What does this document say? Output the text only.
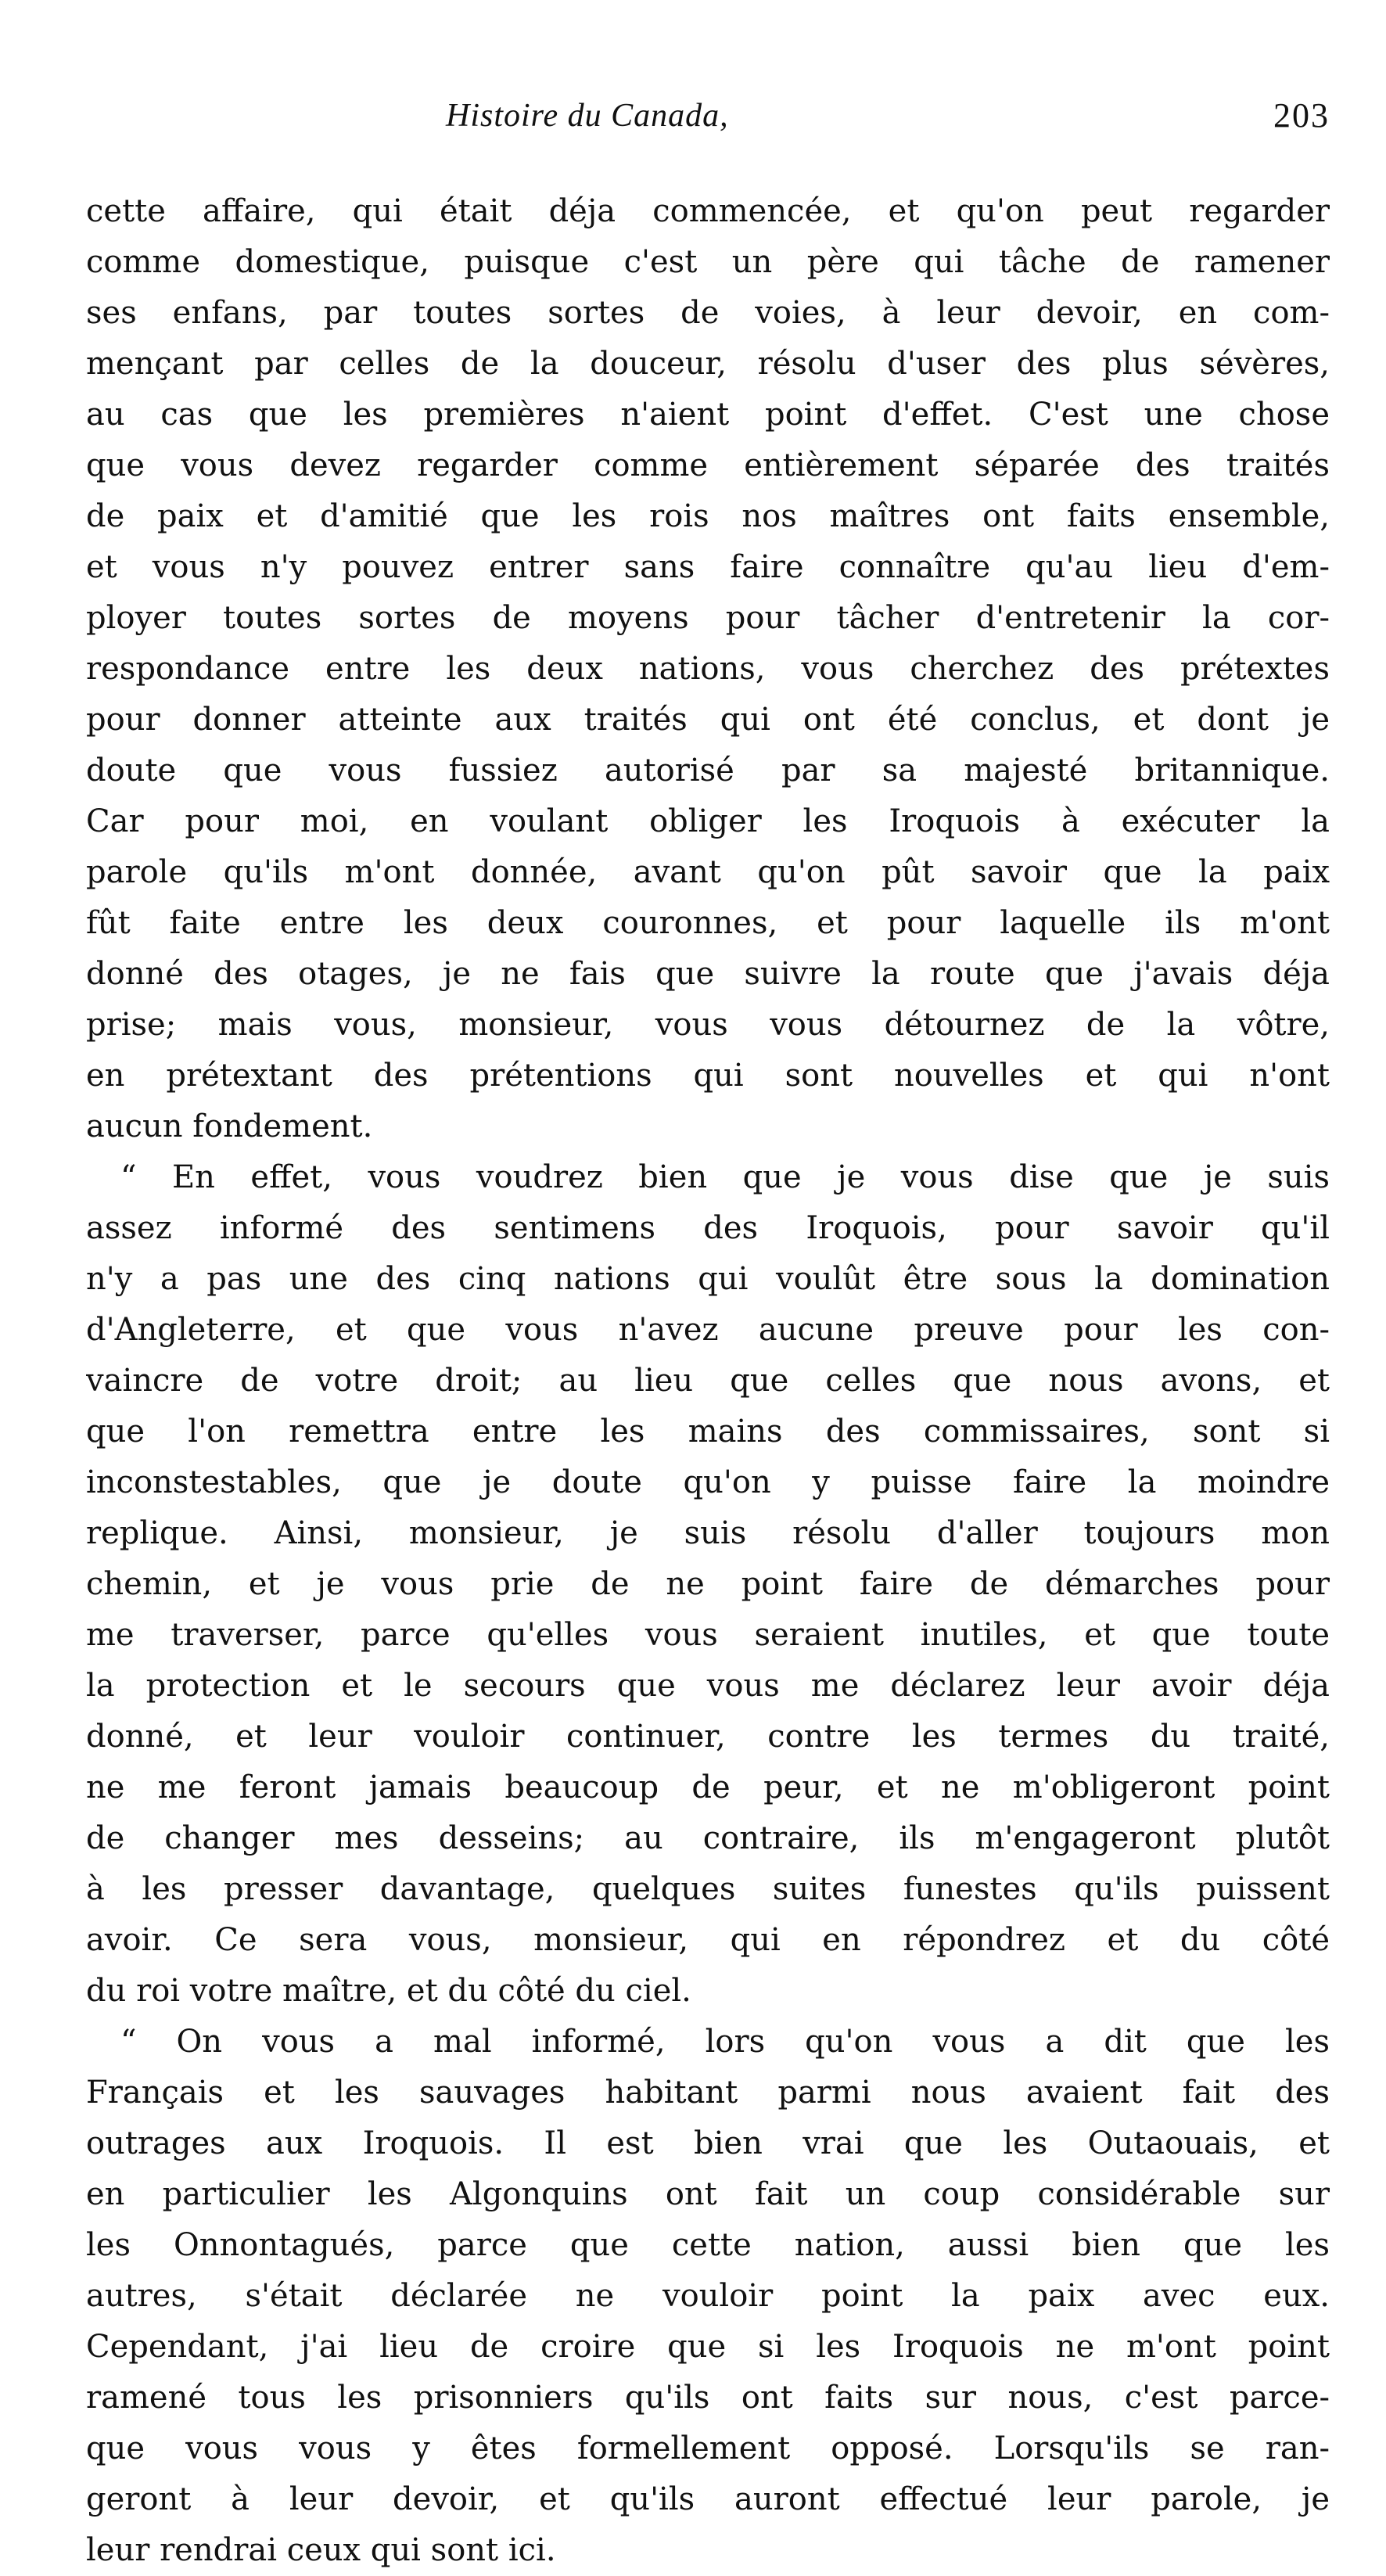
Histoire du Canada,	203
cette affaire, qui était déja commencée, et qu'on peut regarder
comme domestique, puisque c'est un père qui tâche de ramener
ses enfans, par toutes sortes de voies, à leur devoir, en com-
mençant par celles de la douceur, résolu d'user des plus sévères,
au cas que les premières n'aient point d'effet. C'est une chose
que vous devez regarder comme entièrement séparée des traités
de paix et d'amitié que les rois nos maîtres ont faits ensemble,
et vous n'y pouvez entrer sans faire connaître qu'au lieu d'em-
ployer toutes sortes de moyens pour tâcher d'entretenir la cor-
respondance entre les deux nations, vous cherchez des prétextes
pour donner atteinte aux traités qui ont été conclus, et dont je
doute que vous fussiez autorisé par sa majesté britannique.
Car pour moi, en voulant obliger les Iroquois à exécuter la
parole qu'ils m'ont donnée, avant qu'on pût savoir que la paix
fût faite entre les deux couronnes, et pour laquelle ils m'ont
donné des otages, je ne fais que suivre la route que j'avais déja
prise; mais vous, monsieur, vous vous détournez de la vôtre,
en prétextant des prétentions qui sont nouvelles et qui n'ont
aucun fondement.
“ En effet, vous voudrez bien que je vous dise que je suis
assez informé des sentimens des Iroquois, pour savoir qu'il
n'y a pas une des cinq nations qui voulût être sous la domination
d'Angleterre, et que vous n'avez aucune preuve pour les con-
vaincre de votre droit; au lieu que celles que nous avons, et
que l'on remettra entre les mains des commissaires, sont si
inconstestables, que je doute qu'on y puisse faire la moindre
replique. Ainsi, monsieur, je suis résolu d'aller toujours mon
chemin, et je vous prie de ne point faire de démarches pour
me traverser, parce qu'elles vous seraient inutiles, et que toute
la protection et le secours que vous me déclarez leur avoir déja
donné, et leur vouloir continuer, contre les termes du traité,
ne me feront jamais beaucoup de peur, et ne m'obligeront point
de changer mes desseins; au contraire, ils m'engageront plutôt
à les presser davantage, quelques suites funestes qu'ils puissent
avoir. Ce sera vous, monsieur, qui en répondrez et du côté
du roi votre maître, et du côté du ciel.
“ On vous a mal informé, lors qu'on vous a dit que les
Français et les sauvages habitant parmi nous avaient fait des
outrages aux Iroquois. Il est bien vrai que les Outaouais, et
en particulier les Algonquins ont fait un coup considérable sur
les Onnontagués, parce que cette nation, aussi bien que les
autres, s'était déclarée ne vouloir point la paix avec eux.
Cependant, j'ai lieu de croire que si les Iroquois ne m'ont point
ramené tous les prisonniers qu'ils ont faits sur nous, c'est parce-
que vous vous y êtes formellement opposé. Lorsqu'ils se ran-
geront à leur devoir, et qu'ils auront effectué leur parole, je
leur rendrai ceux qui sont ici.
